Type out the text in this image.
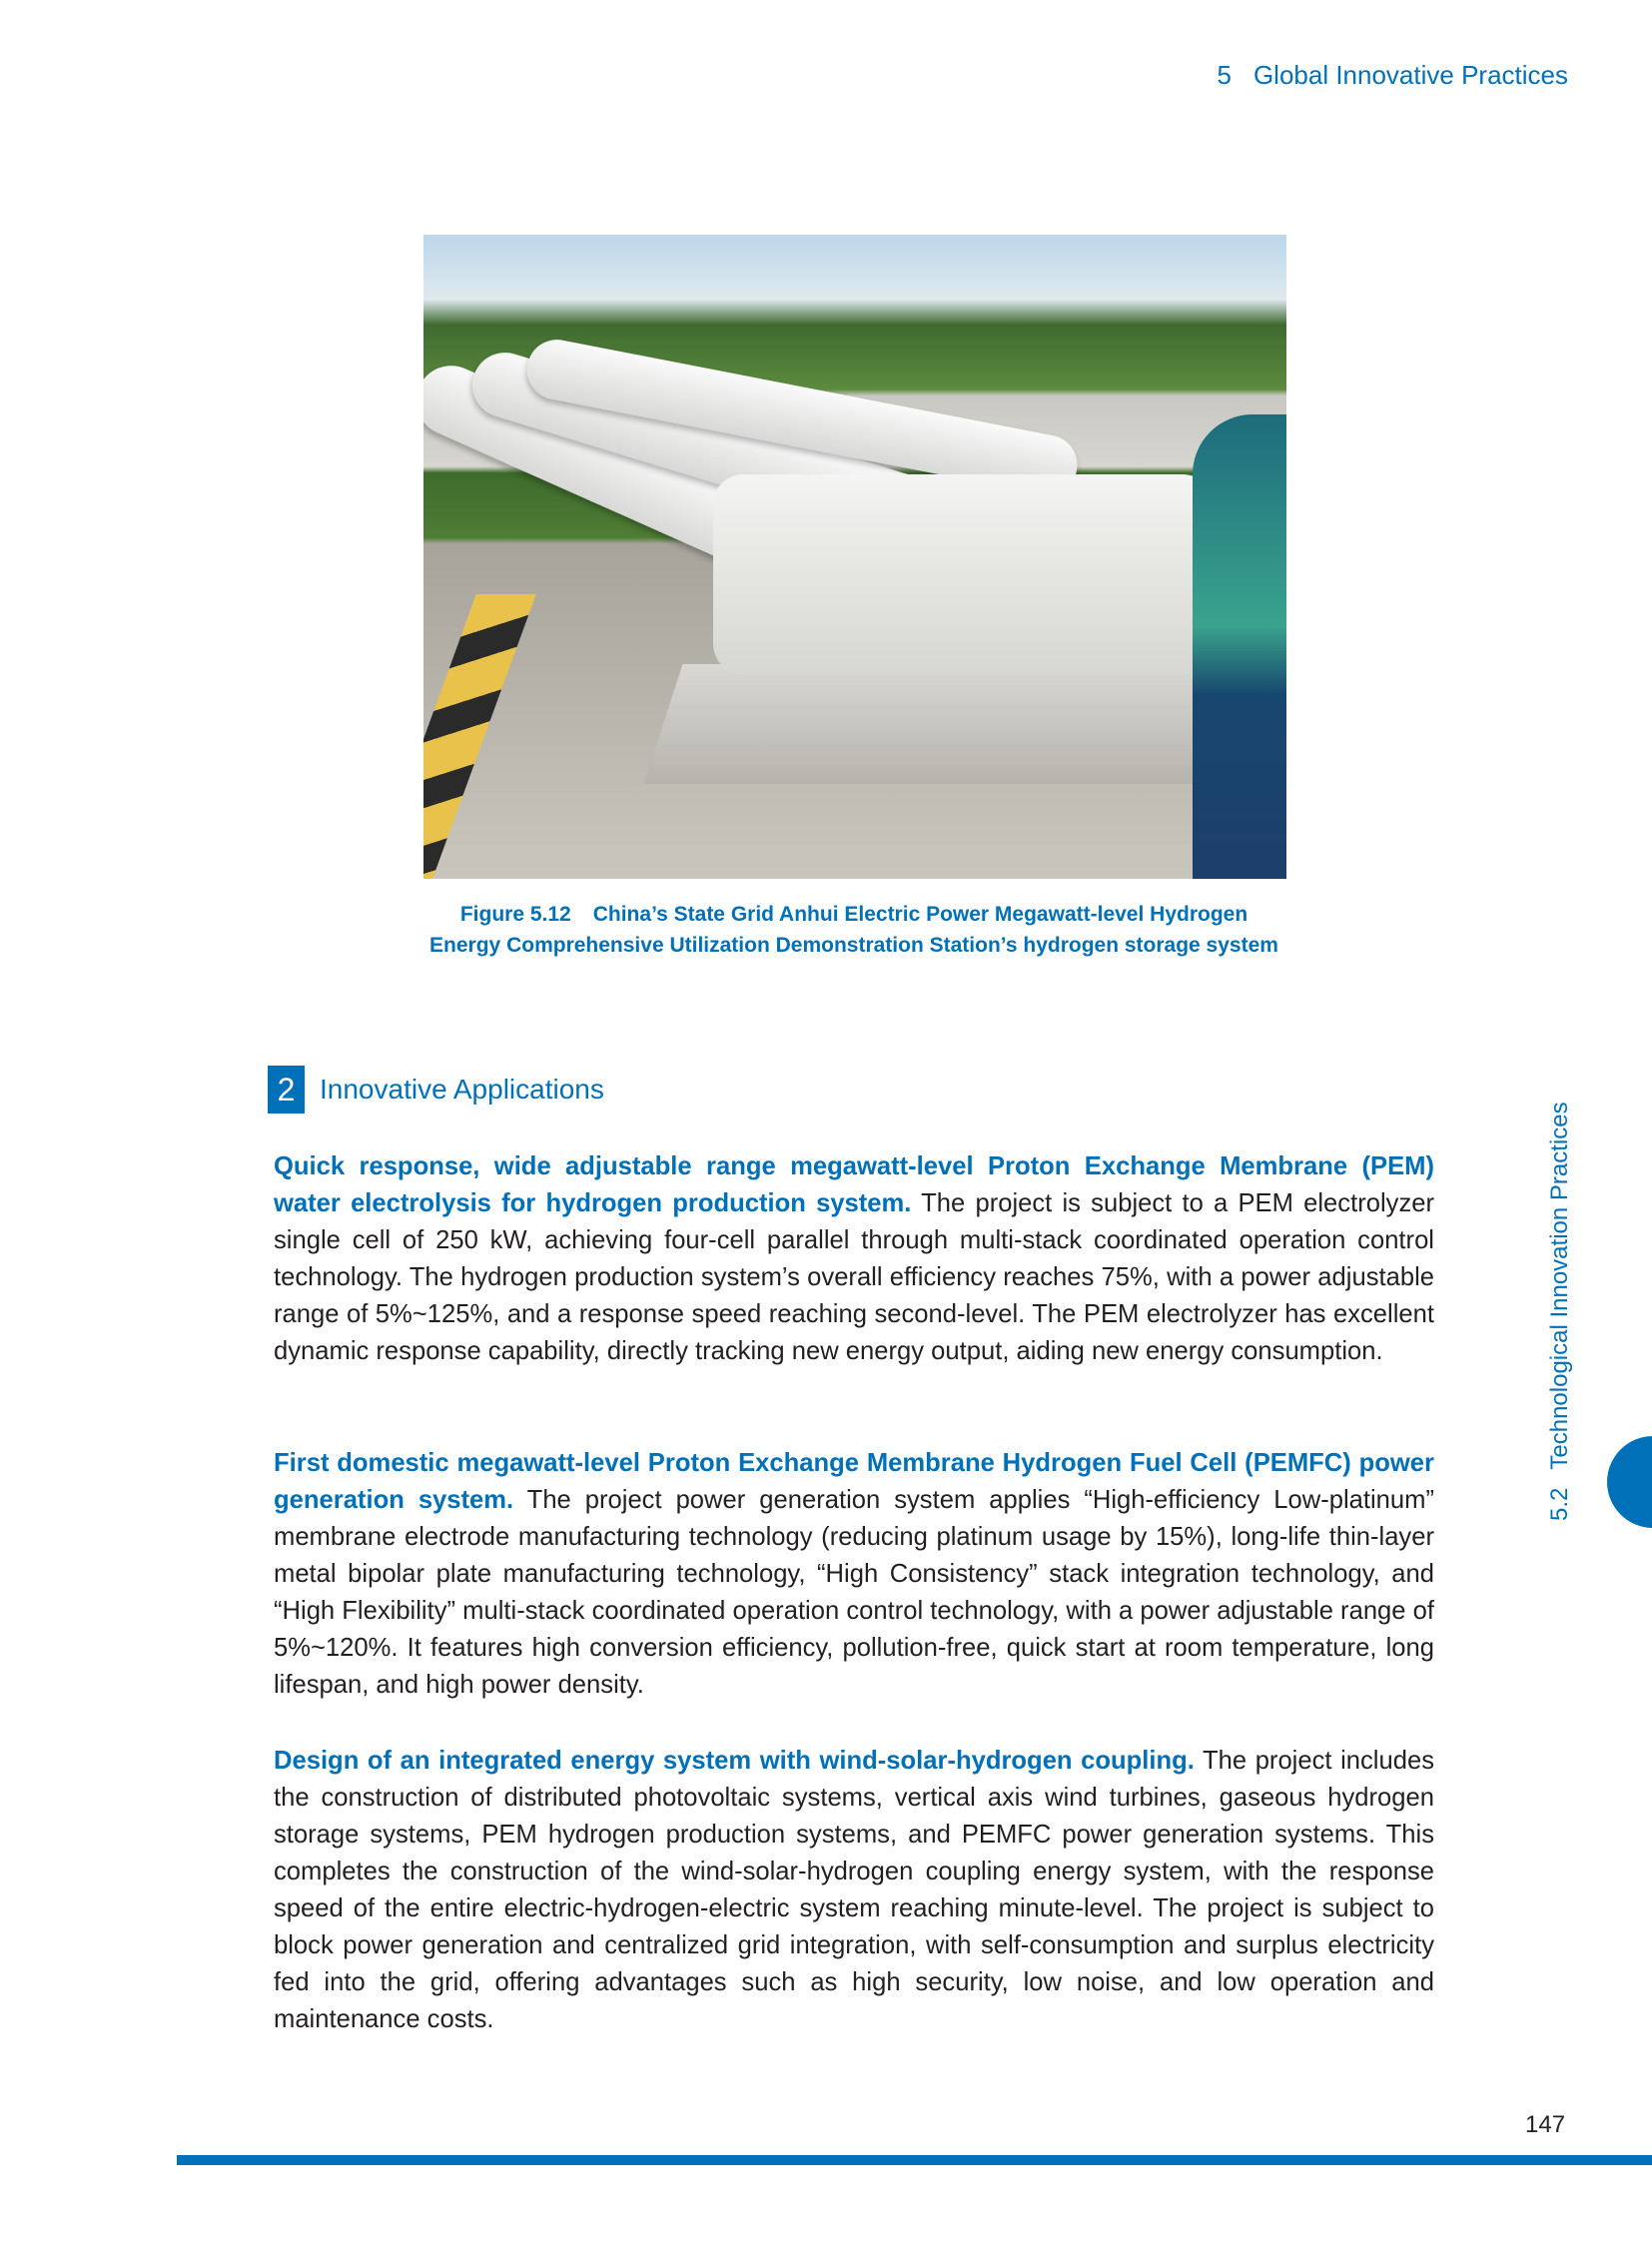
5 Global Innovative Practices
Figure 5.12 China’s State Grid Anhui Electric Power Megawatt-level Hydrogen
Energy Comprehensive Utilization Demonstration Station’s hydrogen storage system
2 Innovative Applications
Quick response, wide adjustable range megawatt-level Proton Exchange Membrane (PEM) water electrolysis for hydrogen production system. The project is subject to a PEM electrolyzer single cell of 250 kW, achieving four-cell parallel through multi-stack coordinated operation control technology. The hydrogen production system’s overall efficiency reaches 75%, with a power adjustable range of 5%~125%, and a response speed reaching second-level. The PEM electrolyzer has excellent dynamic response capability, directly tracking new energy output, aiding new energy consumption.
First domestic megawatt-level Proton Exchange Membrane Hydrogen Fuel Cell (PEMFC) power generation system. The project power generation system applies “High-efficiency Low-platinum” membrane electrode manufacturing technology (reducing platinum usage by 15%), long-life thin-layer metal bipolar plate manufacturing technology, “High Consistency” stack integration technology, and “High Flexibility” multi-stack coordinated operation control technology, with a power adjustable range of 5%~120%. It features high conversion efficiency, pollution-free, quick start at room temperature, long lifespan, and high power density.
Design of an integrated energy system with wind-solar-hydrogen coupling. The project includes the construction of distributed photovoltaic systems, vertical axis wind turbines, gaseous hydrogen storage systems, PEM hydrogen production systems, and PEMFC power generation systems. This completes the construction of the wind-solar-hydrogen coupling energy system, with the response speed of the entire electric-hydrogen-electric system reaching minute-level. The project is subject to block power generation and centralized grid integration, with self-consumption and surplus electricity fed into the grid, offering advantages such as high security, low noise, and low operation and maintenance costs.
5.2Technological Innovation Practices
147
